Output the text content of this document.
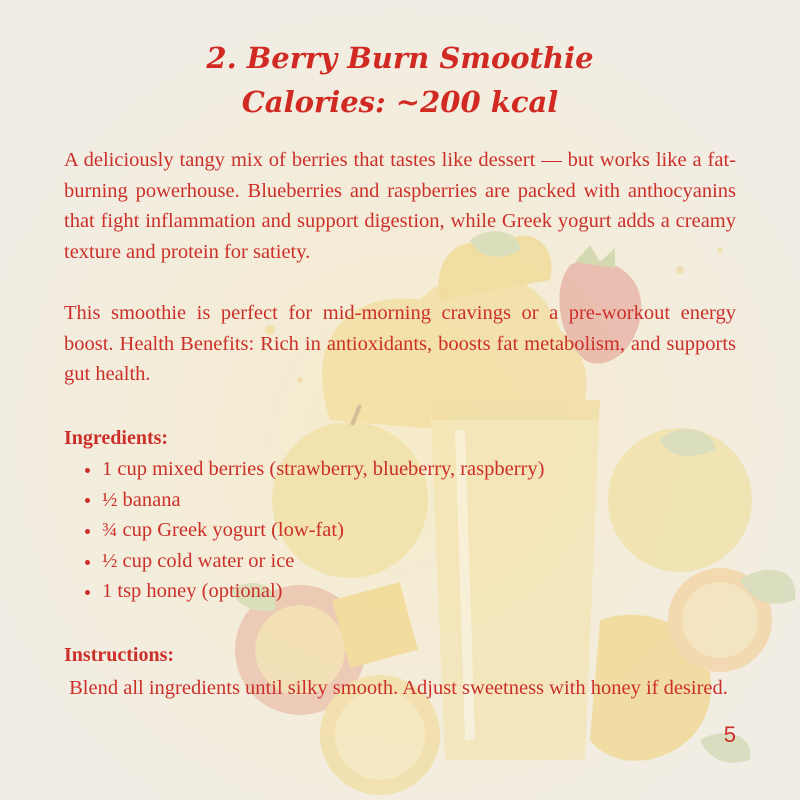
2. Berry Burn Smoothie
Calories: ~200 kcal
A deliciously tangy mix of berries that tastes like dessert — but works like a fat-burning powerhouse. Blueberries and raspberries are packed with anthocyanins that fight inflammation and support digestion, while Greek yogurt adds a creamy texture and protein for satiety.
This smoothie is perfect for mid-morning cravings or a pre-workout energy boost. Health Benefits: Rich in antioxidants, boosts fat metabolism, and supports gut health.
Ingredients:
1 cup mixed berries (strawberry, blueberry, raspberry)
½ banana
¾ cup Greek yogurt (low-fat)
½ cup cold water or ice
1 tsp honey (optional)
Instructions:
Blend all ingredients until silky smooth. Adjust sweetness with honey if desired.
5
